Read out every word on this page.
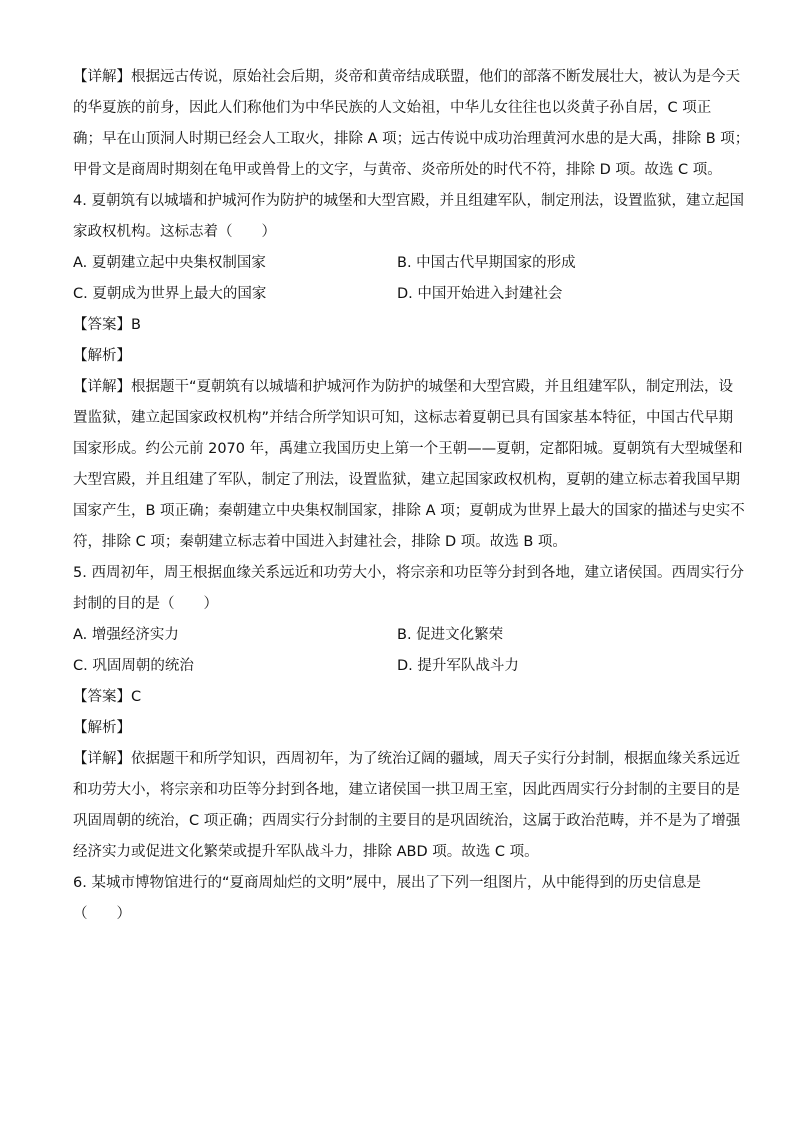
【详解】根据远古传说，原始社会后期，炎帝和黄帝结成联盟，他们的部落不断发展壮大，被认为是今天
的华夏族的前身，因此人们称他们为中华民族的人文始祖，中华儿女往往也以炎黄子孙自居，C 项正
确；早在山顶洞人时期已经会人工取火，排除 A 项；远古传说中成功治理黄河水患的是大禹，排除 B 项；
甲骨文是商周时期刻在龟甲或兽骨上的文字，与黄帝、炎帝所处的时代不符，排除 D 项。故选 C 项。
4. 夏朝筑有以城墙和护城河作为防护的城堡和大型宫殿，并且组建军队，制定刑法，设置监狱，建立起国
家政权机构。这标志着（　　）
A. 夏朝建立起中央集权制国家	B. 中国古代早期国家的形成
C. 夏朝成为世界上最大的国家	D. 中国开始进入封建社会
【答案】B
【解析】
【详解】根据题干“夏朝筑有以城墙和护城河作为防护的城堡和大型宫殿，并且组建军队，制定刑法，设
置监狱，建立起国家政权机构”并结合所学知识可知，这标志着夏朝已具有国家基本特征，中国古代早期
国家形成。约公元前 2070 年，禹建立我国历史上第一个王朝——夏朝，定都阳城。夏朝筑有大型城堡和
大型宫殿，并且组建了军队，制定了刑法，设置监狱，建立起国家政权机构，夏朝的建立标志着我国早期
国家产生，B 项正确；秦朝建立中央集权制国家，排除 A 项；夏朝成为世界上最大的国家的描述与史实不
符，排除 C 项；秦朝建立标志着中国进入封建社会，排除 D 项。故选 B 项。
5. 西周初年，周王根据血缘关系远近和功劳大小，将宗亲和功臣等分封到各地，建立诸侯国。西周实行分
封制的目的是（　　）
A. 增强经济实力	B. 促进文化繁荣
C. 巩固周朝的统治	D. 提升军队战斗力
【答案】C
【解析】
【详解】依据题干和所学知识，西周初年，为了统治辽阔的疆域，周天子实行分封制，根据血缘关系远近
和功劳大小，将宗亲和功臣等分封到各地，建立诸侯国一拱卫周王室，因此西周实行分封制的主要目的是
巩固周朝的统治，C 项正确；西周实行分封制的主要目的是巩固统治，这属于政治范畴，并不是为了增强
经济实力或促进文化繁荣或提升军队战斗力，排除 ABD 项。故选 C 项。
6. 某城市博物馆进行的“夏商周灿烂的文明”展中，展出了下列一组图片，从中能得到的历史信息是
（　　）
